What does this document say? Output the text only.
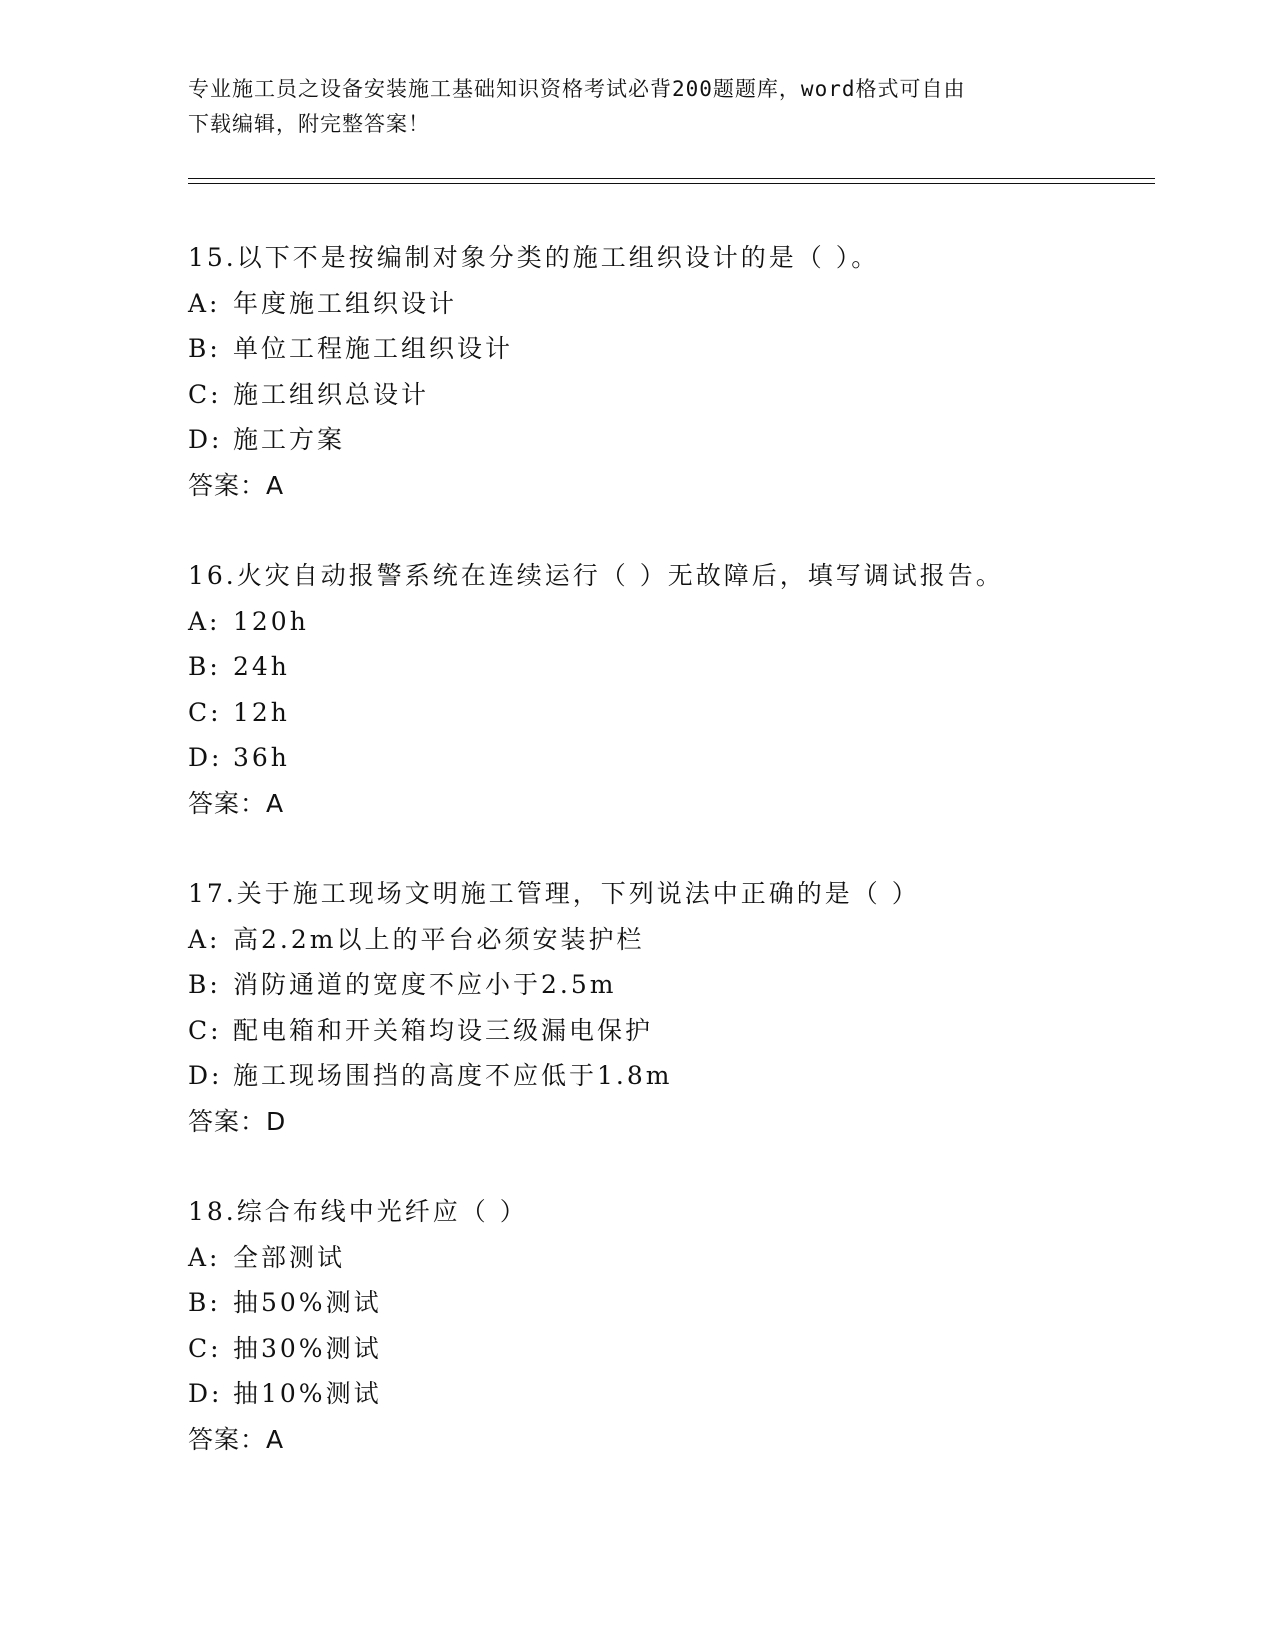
专业施工员之设备安装施工基础知识资格考试必背200题题库，word格式可自由
下载编辑，附完整答案！
15.以下不是按编制对象分类的施工组织设计的是（ ）。
A: 年度施工组织设计
B: 单位工程施工组织设计
C: 施工组织总设计
D: 施工方案
答案：A
16.火灾自动报警系统在连续运行（ ）无故障后，填写调试报告。
A: 120h
B: 24h
C: 12h
D: 36h
答案：A
17.关于施工现场文明施工管理，下列说法中正确的是（ ）
A: 高2.2m以上的平台必须安装护栏
B: 消防通道的宽度不应小于2.5m
C: 配电箱和开关箱均设三级漏电保护
D: 施工现场围挡的高度不应低于1.8m
答案：D
18.综合布线中光纤应（ ）
A: 全部测试
B: 抽50%测试
C: 抽30%测试
D: 抽10%测试
答案：A
